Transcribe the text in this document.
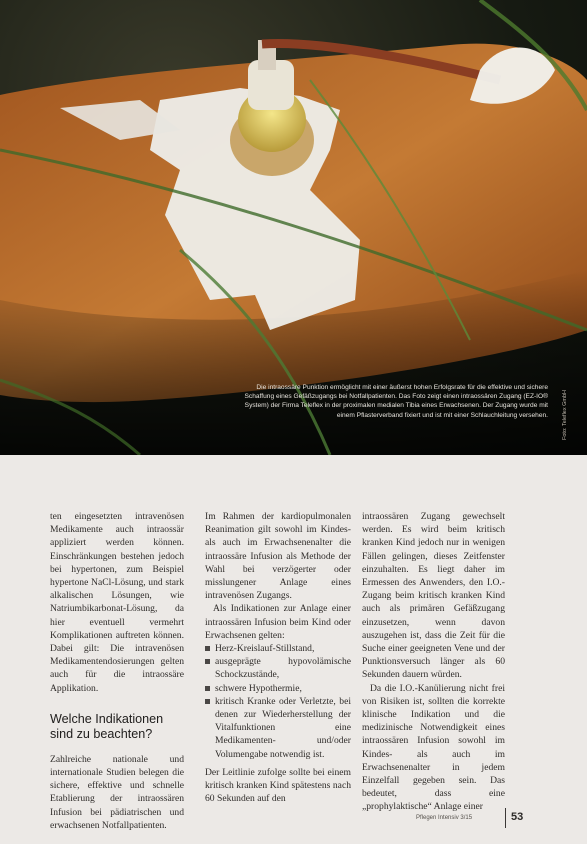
Die intraossäre Punktion ermöglicht mit einer äußerst hohen Erfolgsrate für die effektive und sichere Schaffung eines Gefäßzugangs bei Notfallpatienten. Das Foto zeigt einen intraossären Zugang (EZ-IO® System) der Firma Teleflex in der proximalen medialen Tibia eines Erwachsenen. Der Zugang wurde mit einem Pflasterverband fixiert und ist mit einer Schlauchleitung versehen.	Foto: Teleflex GmbH

ten eingesetzten intravenösen Medikamente auch intraossär appliziert werden können. Einschränkungen bestehen jedoch bei hypertonen, zum Beispiel hypertone NaCl-Lösung, und stark alkalischen Lösungen, wie Natriumbikarbonat-Lösung, da hier eventuell vermehrt Komplikationen auftreten können. Dabei gilt: Die intravenösen Medikamentendosierungen gelten auch für die intraossäre Applikation.

Welche Indikationen sind zu beachten?

Zahlreiche nationale und internationale Studien belegen die sichere, effektive und schnelle Etablierung der intraossären Infusion bei pädiatrischen und erwachsenen Notfallpatienten.

Im Rahmen der kardiopulmonalen Reanimation gilt sowohl im Kindes- als auch im Erwachsenenalter die intraossäre Infusion als Methode der Wahl bei verzögerter oder misslungener Anlage eines intravenösen Zugangs.

Als Indikationen zur Anlage einer intraossären Infusion beim Kind oder Erwachsenen gelten:

Herz-Kreislauf-Stillstand,
ausgeprägte hypovolämische Schockzustände,
schwere Hypothermie,
kritisch Kranke oder Verletzte, bei denen zur Wiederherstellung der Vitalfunktionen eine Medikamenten- und/oder Volumengabe notwendig ist.

Der Leitlinie zufolge sollte bei einem kritisch kranken Kind spätestens nach 60 Sekunden auf den

intraossären Zugang gewechselt werden. Es wird beim kritisch kranken Kind jedoch nur in wenigen Fällen gelingen, dieses Zeitfenster einzuhalten. Es liegt daher im Ermessen des Anwenders, den I.O.-Zugang beim kritisch kranken Kind auch als primären Gefäßzugang einzusetzen, wenn davon auszugehen ist, dass die Zeit für die Suche einer geeigneten Vene und der Punktionsversuch länger als 60 Sekunden dauern würden.

Da die I.O.-Kanülierung nicht frei von Risiken ist, sollten die korrekte klinische Indikation und die medizinische Notwendigkeit eines intraossären Infusion sowohl im Kindes- als auch im Erwachsenenalter in jedem Einzelfall gegeben sein. Das bedeutet, dass eine „prophylaktische“ Anlage einer

Pflegen Intensiv 3/15	53
